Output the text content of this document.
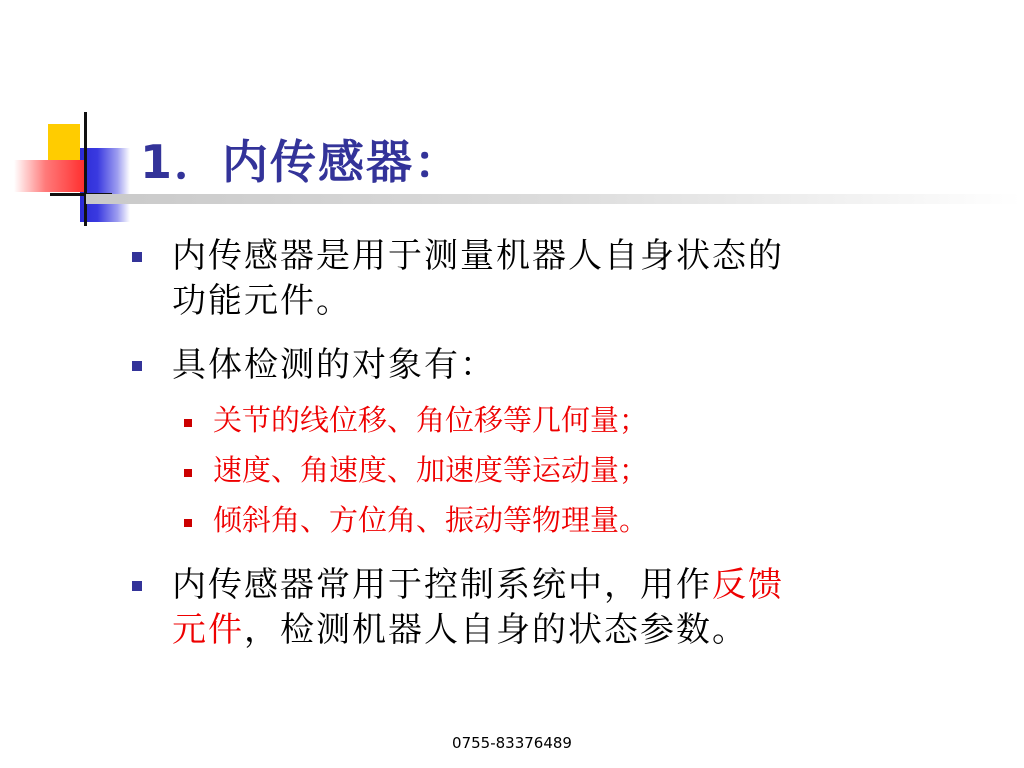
1．内传感器：
内传感器是用于测量机器人自身状态的
功能元件。
具体检测的对象有：
关节的线位移、角位移等几何量；
速度、角速度、加速度等运动量；
倾斜角、方位角、振动等物理量。
内传感器常用于控制系统中，用作反馈
元件，检测机器人自身的状态参数。
0755-83376489
